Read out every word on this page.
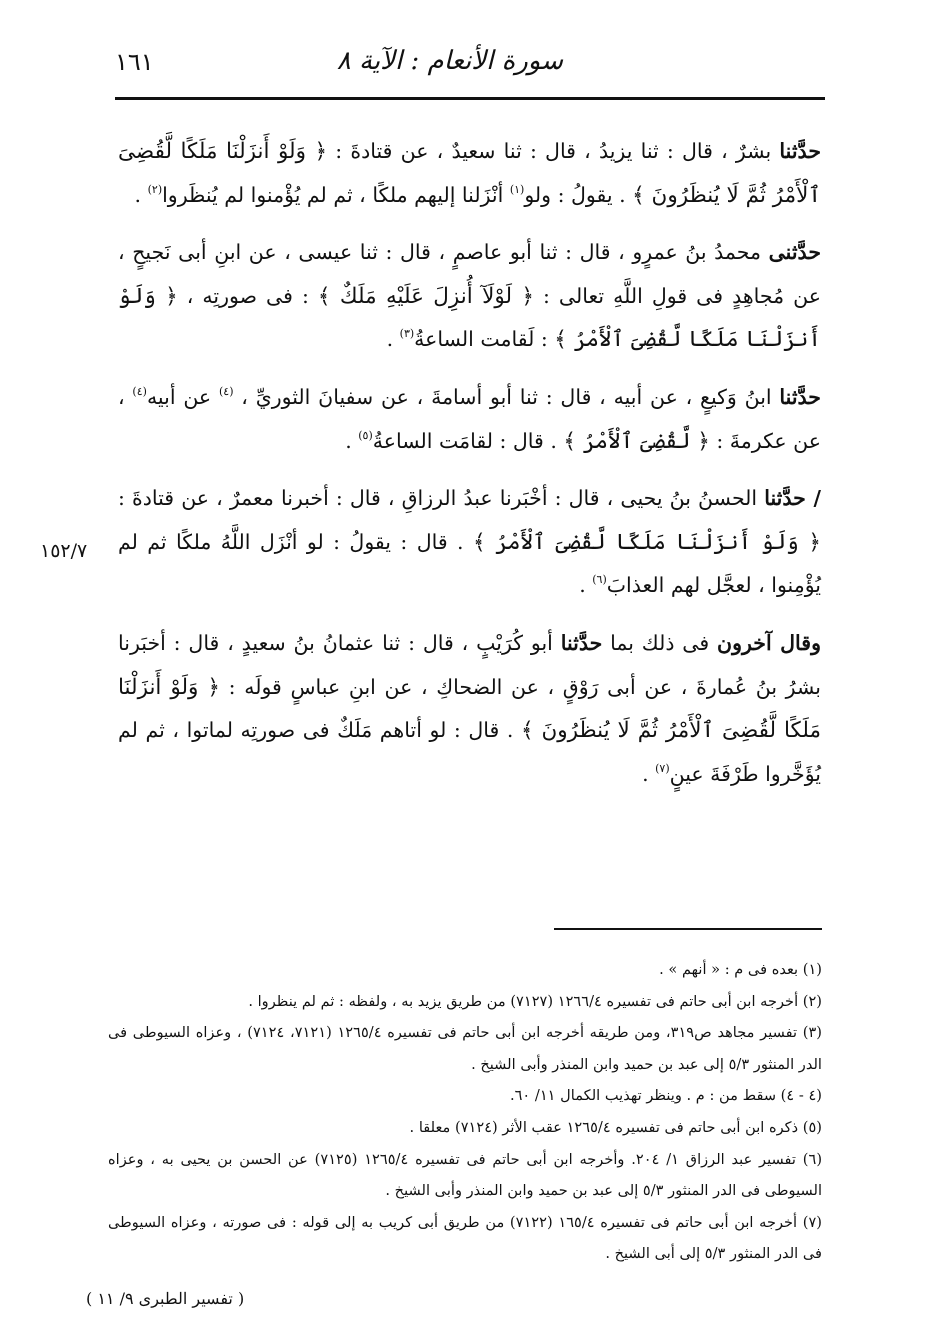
١٦١	سورة الأنعام : الآية ٨
١٥٢/٧

حدَّثنا بشرٌ ، قال : ثنا يزيدُ ، قال : ثنا سعيدٌ ، عن قتادةَ : ﴿ وَلَوْ أَنزَلْنَا مَلَكًا لَّقُضِىَ ٱلْأَمْرُ ثُمَّ لَا يُنظَرُونَ ﴾ . يقولُ : ولو$^{(١)}$ أنْزَلنا إليهم ملكًا ، ثم لم يُؤْمنوا لم يُنظَروا$^{(٢)}$ .

حدَّثنى محمدُ بنُ عمرٍو ، قال : ثنا أبو عاصمٍ ، قال : ثنا عيسى ، عن ابنِ أبى نَجيحٍ ، عن مُجاهِدٍ فى قولِ اللَّهِ تعالى : ﴿ لَوْلَآ أُنزِلَ عَلَيْهِ مَلَكٌ ﴾ : فى صورتِه ، ﴿ وَلَوْ أَنزَلْنَا مَلَكًا لَّقُضِىَ ٱلْأَمْرُ ﴾ : لَقامت الساعةُ$^{(٣)}$ .

حدَّثنا ابنُ وَكيعٍ ، عن أبيه ، قال : ثنا أبو أسامةَ ، عن سفيانَ الثوريِّ ، $^{(٤)}$ عن أبيه$^{(٤)}$ ، عن عكرمةَ : ﴿ لَّقُضِىَ ٱلْأَمْرُ ﴾ . قال : لقامَت الساعةُ$^{(٥)}$ .

/ حدَّثنا الحسنُ بنُ يحيى ، قال : أخْبَرنا عبدُ الرزاقِ ، قال : أخبرنا معمرٌ ، عن قتادةَ : ﴿ وَلَوْ أَنزَلْنَا مَلَكًا لَّقُضِىَ ٱلْأَمْرُ ﴾ . قال : يقولُ : لو أنْزَل اللَّهُ ملكًا ثم لم يُؤْمِنوا ، لعجَّل لهم العذابَ$^{(٦)}$ .

وقال آخرون فى ذلك بما حدَّثنا أبو كُرَيْبٍ ، قال : ثنا عثمانُ بنُ سعيدٍ ، قال : أخبَرنا بشرُ بنُ عُمارةَ ، عن أبى رَوْقٍ ، عن الضحاكِ ، عن ابنِ عباسٍ قولَه : ﴿ وَلَوْ أَنزَلْنَا مَلَكًا لَّقُضِىَ ٱلْأَمْرُ ثُمَّ لَا يُنظَرُونَ ﴾ . قال : لو أتاهم مَلَكٌ فى صورتِه لماتوا ، ثم لم يُؤَخَّروا طَرْفَةَ عينٍ$^{(٧)}$ .

(١) بعده فى م : « أنهم » .

(٢) أخرجه ابن أبى حاتم فى تفسيره ١٢٦٦/٤ (٧١٢٧) من طريق يزيد به ، ولفظه : ثم لم ينظروا .

(٣) تفسير مجاهد ص٣١٩، ومن طريقه أخرجه ابن أبى حاتم فى تفسيره ١٢٦٥/٤ (٧١٢١، ٧١٢٤) ، وعزاه السيوطى فى الدر المنثور ٥/٣ إلى عبد بن حميد وابن المنذر وأبى الشيخ .

(٤ - ٤) سقط من : م . وينظر تهذيب الكمال ١١/ ٦٠.

(٥) ذكره ابن أبى حاتم فى تفسيره ١٢٦٥/٤ عقب الأثر (٧١٢٤) معلقا .

(٦) تفسير عبد الرزاق ١/ ٢٠٤. وأخرجه ابن أبى حاتم فى تفسيره ١٢٦٥/٤ (٧١٢٥) عن الحسن بن يحيى به ، وعزاه السيوطى فى الدر المنثور ٥/٣ إلى عبد بن حميد وابن المنذر وأبى الشيخ .

(٧) أخرجه ابن أبى حاتم فى تفسيره ١٦٥/٤ (٧١٢٢) من طريق أبى كريب به إلى قوله : فى صورته ، وعزاه السيوطى فى الدر المنثور ٥/٣ إلى أبى الشيخ .

( تفسير الطبرى ٩/ ١١ )
